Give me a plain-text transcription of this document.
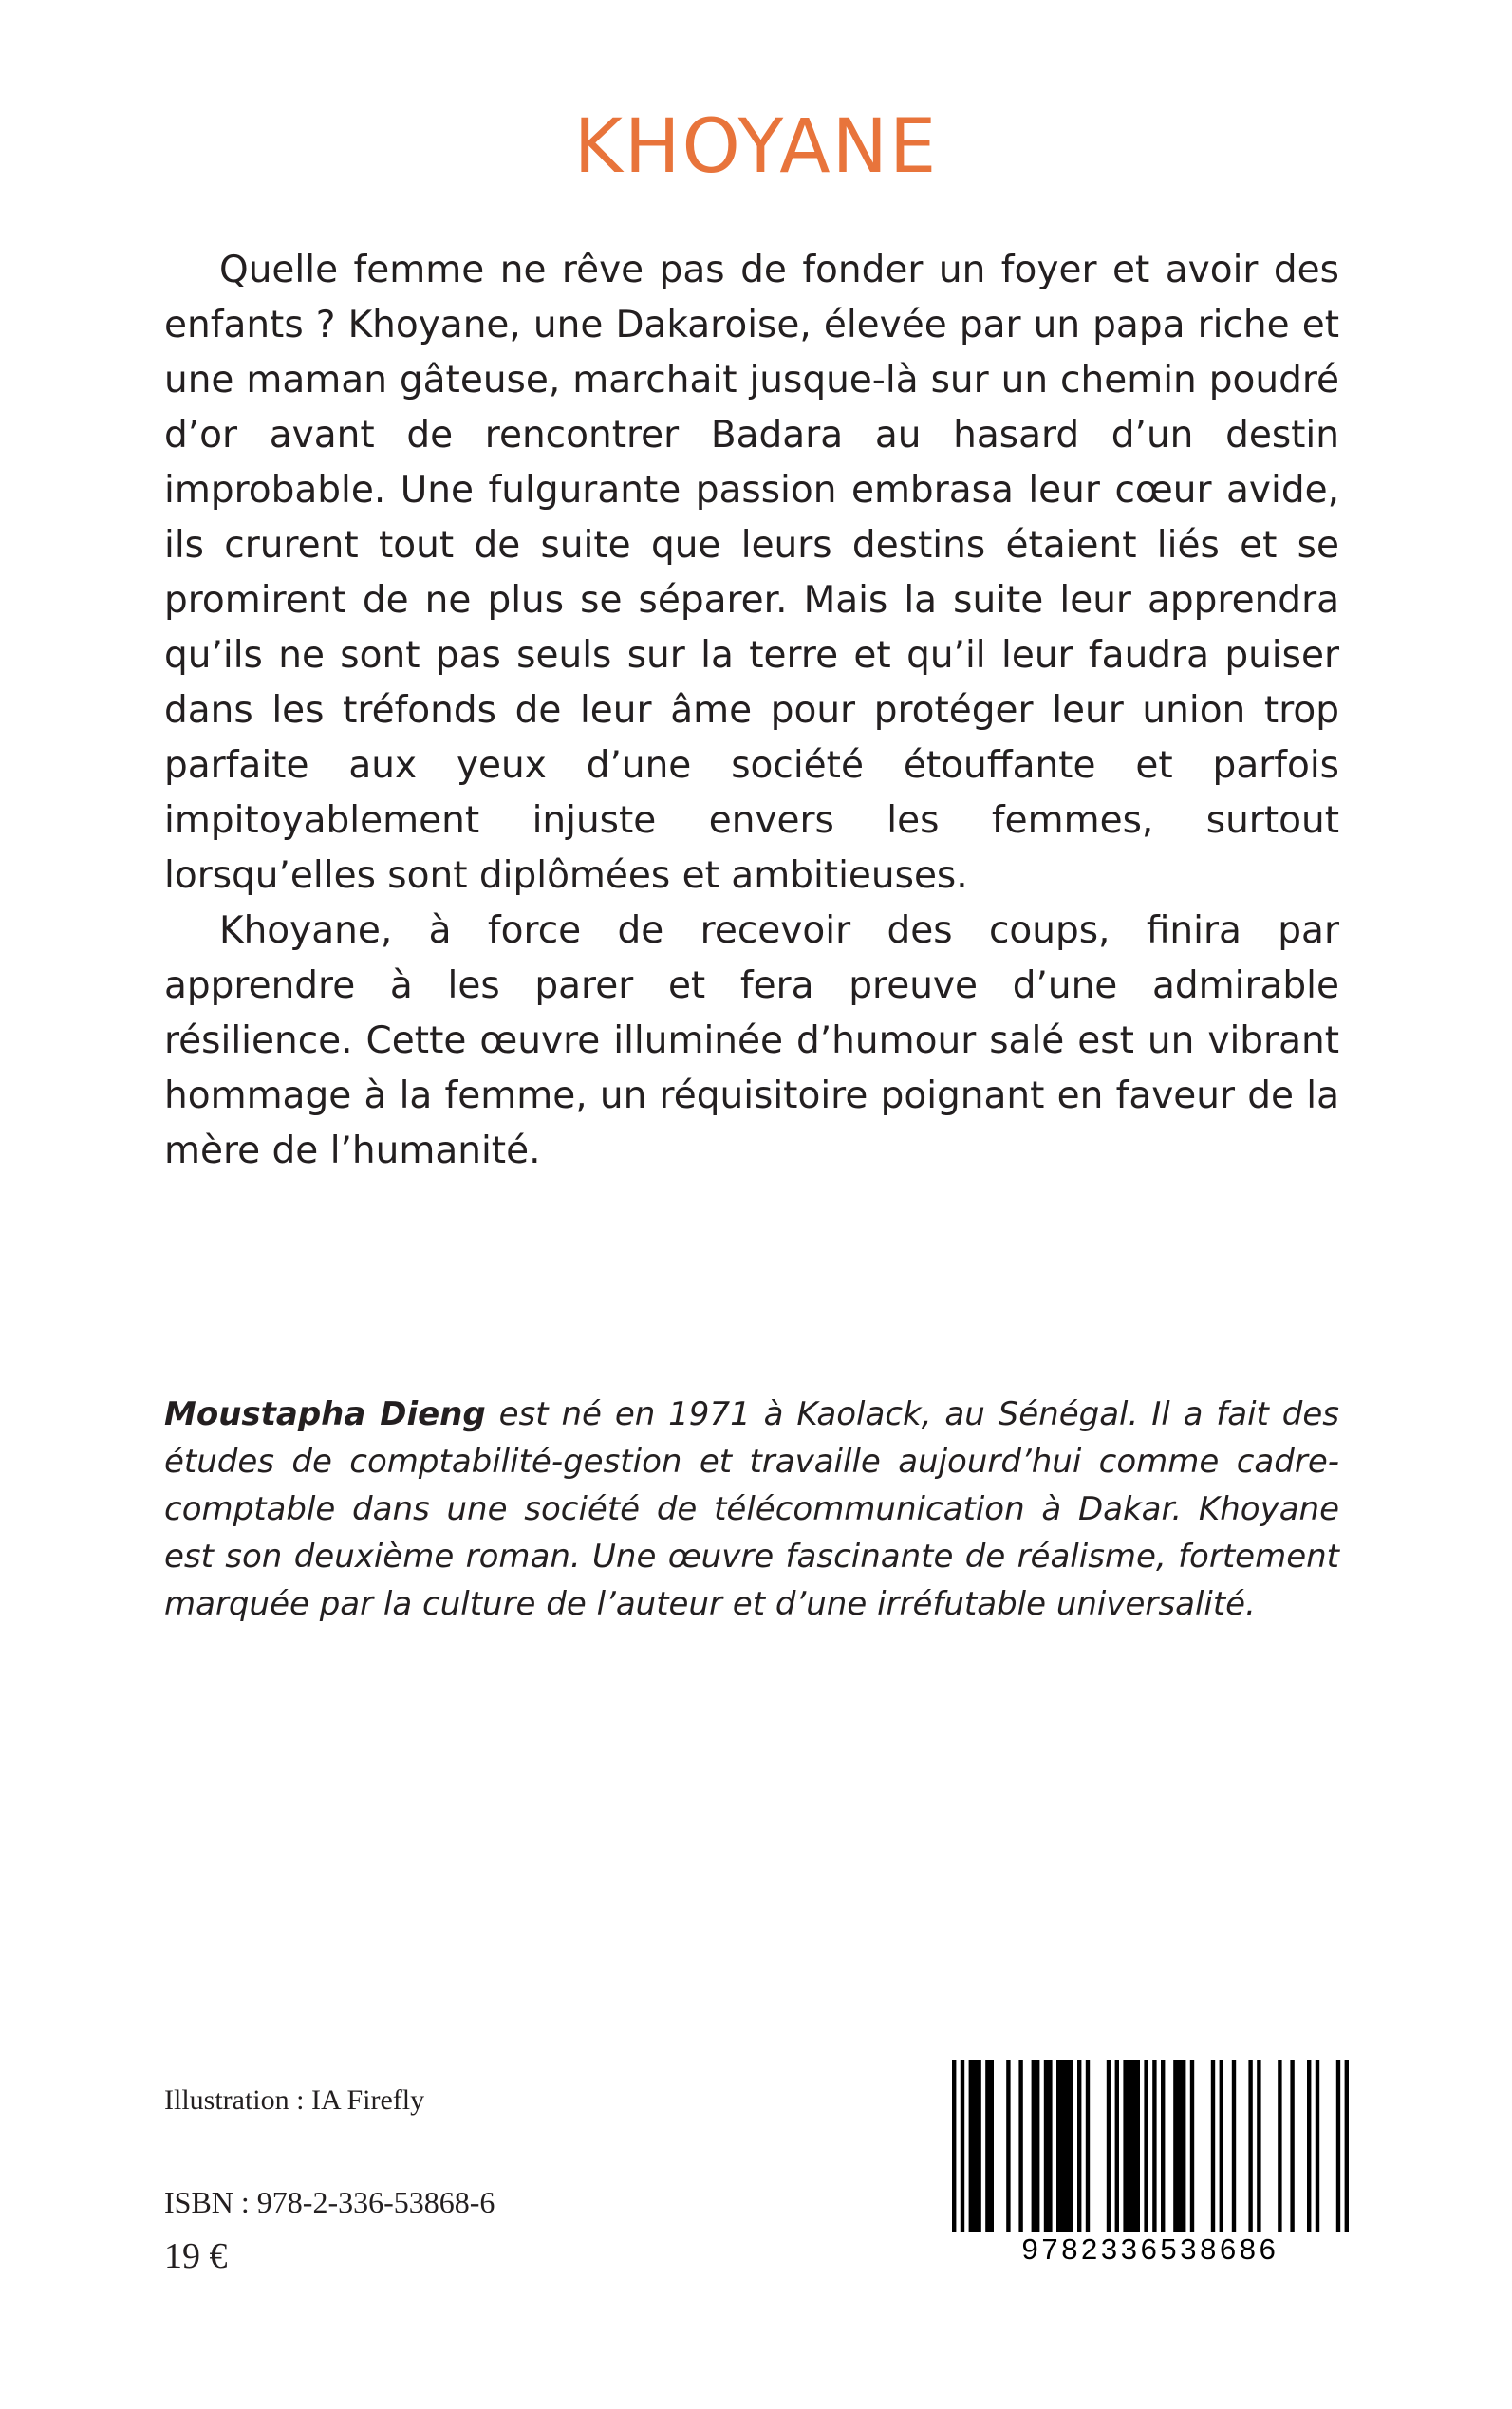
KHOYANE

Quelle femme ne rêve pas de fonder un foyer et avoir des enfants ? Khoyane, une Dakaroise, élevée par un papa riche et une maman gâteuse, marchait jusque-là sur un chemin poudré d’or avant de rencontrer Badara au hasard d’un destin improbable. Une fulgurante passion embrasa leur cœur avide, ils crurent tout de suite que leurs destins étaient liés et se promirent de ne plus se séparer. Mais la suite leur apprendra qu’ils ne sont pas seuls sur la terre et qu’il leur faudra puiser dans les tréfonds de leur âme pour protéger leur union trop parfaite aux yeux d’une société étouffante et parfois impitoyablement injuste envers les femmes, surtout lorsqu’elles sont diplômées et ambitieuses.

Khoyane, à force de recevoir des coups, finira par apprendre à les parer et fera preuve d’une admirable résilience. Cette œuvre illuminée d’humour salé est un vibrant hommage à la femme, un réquisitoire poignant en faveur de la mère de l’humanité.

Moustapha Dieng est né en 1971 à Kaolack, au Sénégal. Il a fait des études de comptabilité-gestion et travaille aujourd’hui comme cadre-comptable dans une société de télécommunication à Dakar. Khoyane est son deuxième roman. Une œuvre fascinante de réalisme, fortement marquée par la culture de l’auteur et d’une irréfutable universalité.

Illustration : IA Firefly
ISBN : 978-2-336-53868-6
19 €	9782336538686
